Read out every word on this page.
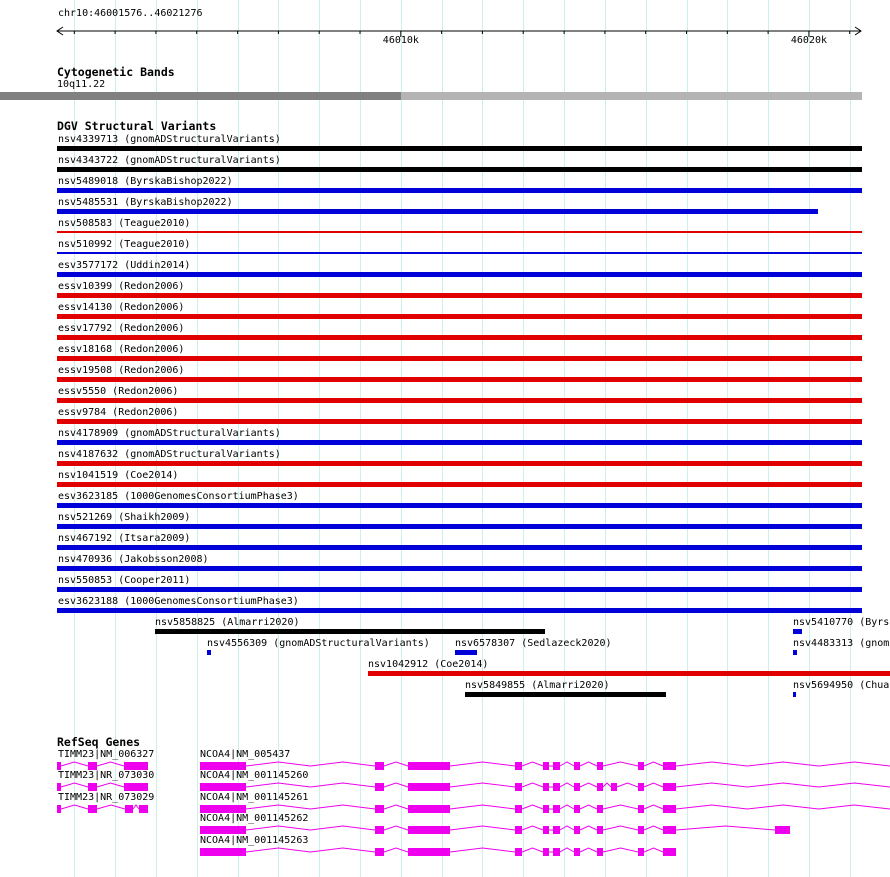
chr10:46001576..46021276
46010k	46020k
Cytogenetic Bands
10q11.22
DGV Structural Variants
nsv4339713 (gnomADStructuralVariants)
nsv4343722 (gnomADStructuralVariants)
nsv5489018 (ByrskaBishop2022)
nsv5485531 (ByrskaBishop2022)
nsv508583 (Teague2010)
nsv510992 (Teague2010)
esv3577172 (Uddin2014)
essv10399 (Redon2006)
essv14130 (Redon2006)
essv17792 (Redon2006)
essv18168 (Redon2006)
essv19508 (Redon2006)
essv5550 (Redon2006)
essv9784 (Redon2006)
nsv4178909 (gnomADStructuralVariants)
nsv4187632 (gnomADStructuralVariants)
nsv1041519 (Coe2014)
esv3623185 (1000GenomesConsortiumPhase3)
nsv521269 (Shaikh2009)
nsv467192 (Itsara2009)
nsv470936 (Jakobsson2008)
nsv550853 (Cooper2011)
esv3623188 (1000GenomesConsortiumPhase3)
nsv5858825 (Almarri2020)	nsv5410770 (Byrs
nsv4556309 (gnomADStructuralVariants)	nsv6578307 (Sedlazeck2020)	nsv4483313 (gnom
nsv1042912 (Coe2014)
nsv5849855 (Almarri2020)	nsv5694950 (Chua
RefSeq Genes
TIMM23|NM_006327	NCOA4|NM_005437
TIMM23|NR_073030	NCOA4|NM_001145260
TIMM23|NR_073029	NCOA4|NM_001145261
NCOA4|NM_001145262
NCOA4|NM_001145263
